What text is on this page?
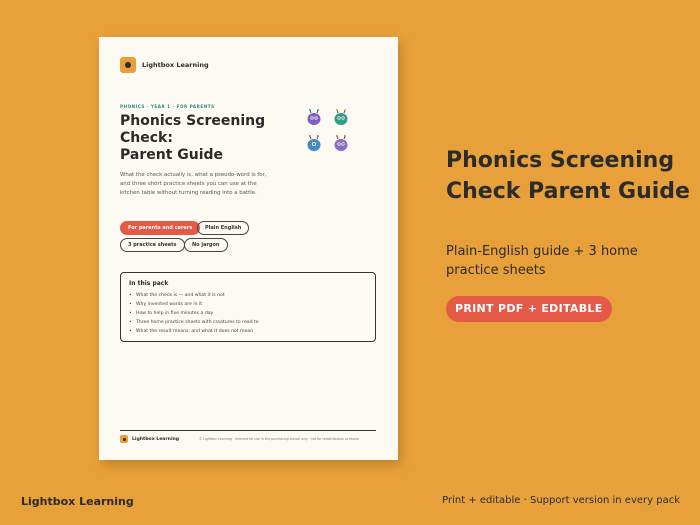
Lightbox Learning
PHONICS · YEAR 1 · FOR PARENTS
Phonics Screening
Check:
Parent Guide
What the check actually is, what a pseudo-word is for, and three short practice sheets you can use at the kitchen table without turning reading into a battle.
For parents and carers	Plain English
3 practice sheets	No jargon
In this pack
• What the check is — and what it is not
• Why invented words are in it
• How to help in five minutes a day
• Three home practice sheets with creatures to read to
• What the result means, and what it does not mean
Lightbox Learning	© Lightbox Learning · licensed for use in the purchasing school only · not for redistribution or resale
Phonics Screening Check Parent Guide
Plain-English guide + 3 home practice sheets
PRINT PDF + EDITABLE
Lightbox Learning	Print + editable · Support version in every pack
